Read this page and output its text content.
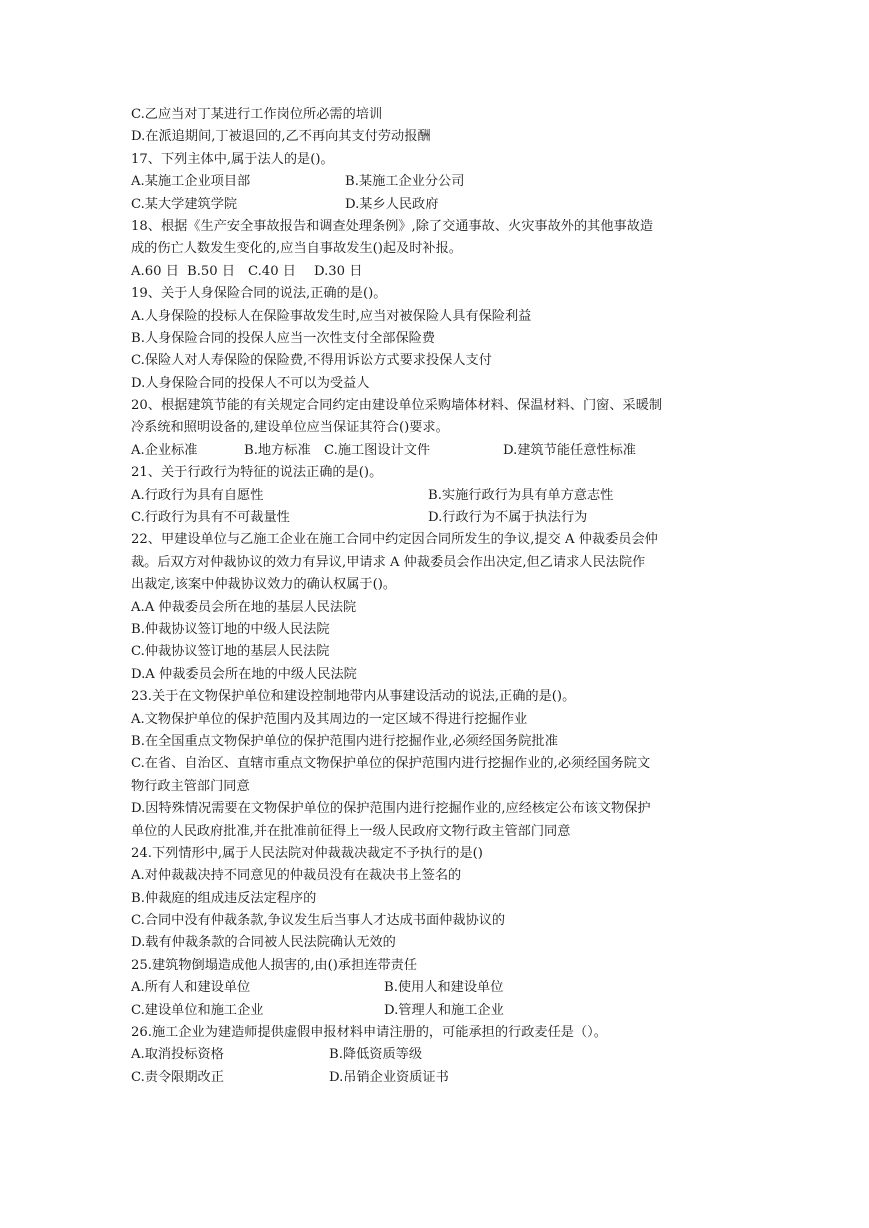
C.乙应当对丁某进行工作岗位所必需的培训

D.在派追期间,丁被退回的,乙不再向其支付劳动报酬

17、下列主体中,属于法人的是()。

A.某施工企业项目部	B.某施工企业分公司
C.某大学建筑学院	D.某乡人民政府

18、根据《生产安全事故报告和调查处理条例》,除了交通事故、火灾事故外的其他事故造

成的伤亡人数发生变化的,应当自事故发生()起及时补报。

A.60 日 B.50 日 C.40 日	D.30 日

19、关于人身保险合同的说法,正确的是()。

A.人身保险的投标人在保险事故发生时,应当对被保险人具有保险利益

B.人身保险合同的投保人应当一次性支付全部保险费

C.保险人对人寿保险的保险费,不得用诉讼方式要求投保人支付

D.人身保险合同的投保人不可以为受益人

20、根据建筑节能的有关规定合同约定由建设单位采购墙体材料、保温材料、门窗、采暖制

冷系统和照明设备的,建设单位应当保证其符合()要求。

A.企业标准	B.地方标准	C.施工图设计文件	D.建筑节能任意性标准

21、关于行政行为特征的说法正确的是()。

A.行政行为具有自愿性	B.实施行政行为具有单方意志性
C.行政行为具有不可裁量性	D.行政行为不属于执法行为

22、甲建设单位与乙施工企业在施工合同中约定因合同所发生的争议,提交 A 仲裁委员会仲

裁。后双方对仲裁协议的效力有异议,甲请求 A 仲裁委员会作出决定,但乙请求人民法院作

出裁定,该案中仲裁协议效力的确认权属于()。

A.A 仲裁委员会所在地的基层人民法院

B.仲裁协议签订地的中级人民法院

C.仲裁协议签订地的基层人民法院

D.A 仲裁委员会所在地的中级人民法院

23.关于在文物保护单位和建设控制地带内从事建设活动的说法,正确的是()。

A.文物保护单位的保护范围内及其周边的一定区域不得进行挖掘作业

B.在全国重点文物保护单位的保护范围内进行挖掘作业,必须经国务院批准

C.在省、自治区、直辖市重点文物保护单位的保护范围内进行挖掘作业的,必须经国务院文

物行政主管部门同意

D.因特殊情况需要在文物保护单位的保护范围内进行挖掘作业的,应经核定公布该文物保护

单位的人民政府批准,并在批准前征得上一级人民政府文物行政主管部门同意

24.下列情形中,属于人民法院对仲裁裁决裁定不予执行的是()

A.对仲裁裁决持不同意见的仲裁员没有在裁决书上签名的

B.仲裁庭的组成违反法定程序的

C.合同中没有仲裁条款,争议发生后当事人才达成书面仲裁协议的

D.载有仲裁条款的合同被人民法院确认无效的

25.建筑物倒塌造成他人损害的,由()承担连带责任

A.所有人和建设单位	B.使用人和建设单位
C.建设单位和施工企业	D.管理人和施工企业

26.施工企业为建造师提供虚假申报材料申请注册的，可能承担的行政麦任是（）。

A.取消投标资格	B.降低资质等级
C.责令限期改正	D.吊销企业资质证书
